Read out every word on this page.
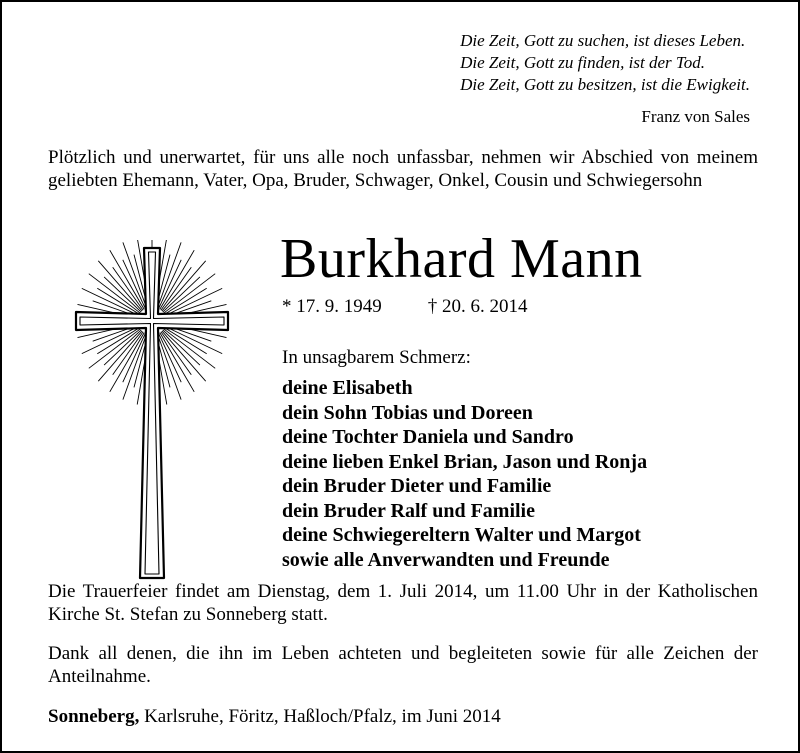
Die Zeit, Gott zu suchen, ist dieses Leben.
Die Zeit, Gott zu finden, ist der Tod.
Die Zeit, Gott zu besitzen, ist die Ewigkeit.
Franz von Sales
Plötzlich und unerwartet, für uns alle noch unfassbar, nehmen wir Abschied von meinem geliebten Ehemann, Vater, Opa, Bruder, Schwager, Onkel, Cousin und Schwiegersohn
Burkhard Mann
* 17. 9. 1949 † 20. 6. 2014
In unsagbarem Schmerz:
deine Elisabeth
dein Sohn Tobias und Doreen
deine Tochter Daniela und Sandro
deine lieben Enkel Brian, Jason und Ronja
dein Bruder Dieter und Familie
dein Bruder Ralf und Familie
deine Schwiegereltern Walter und Margot
sowie alle Anverwandten und Freunde
Die Trauerfeier findet am Dienstag, dem 1. Juli 2014, um 11.00 Uhr in der Katholischen Kirche St. Stefan zu Sonneberg statt.
Dank all denen, die ihn im Leben achteten und begleiteten sowie für alle Zeichen der Anteilnahme.
Sonneberg, Karlsruhe, Föritz, Haßloch/Pfalz, im Juni 2014
